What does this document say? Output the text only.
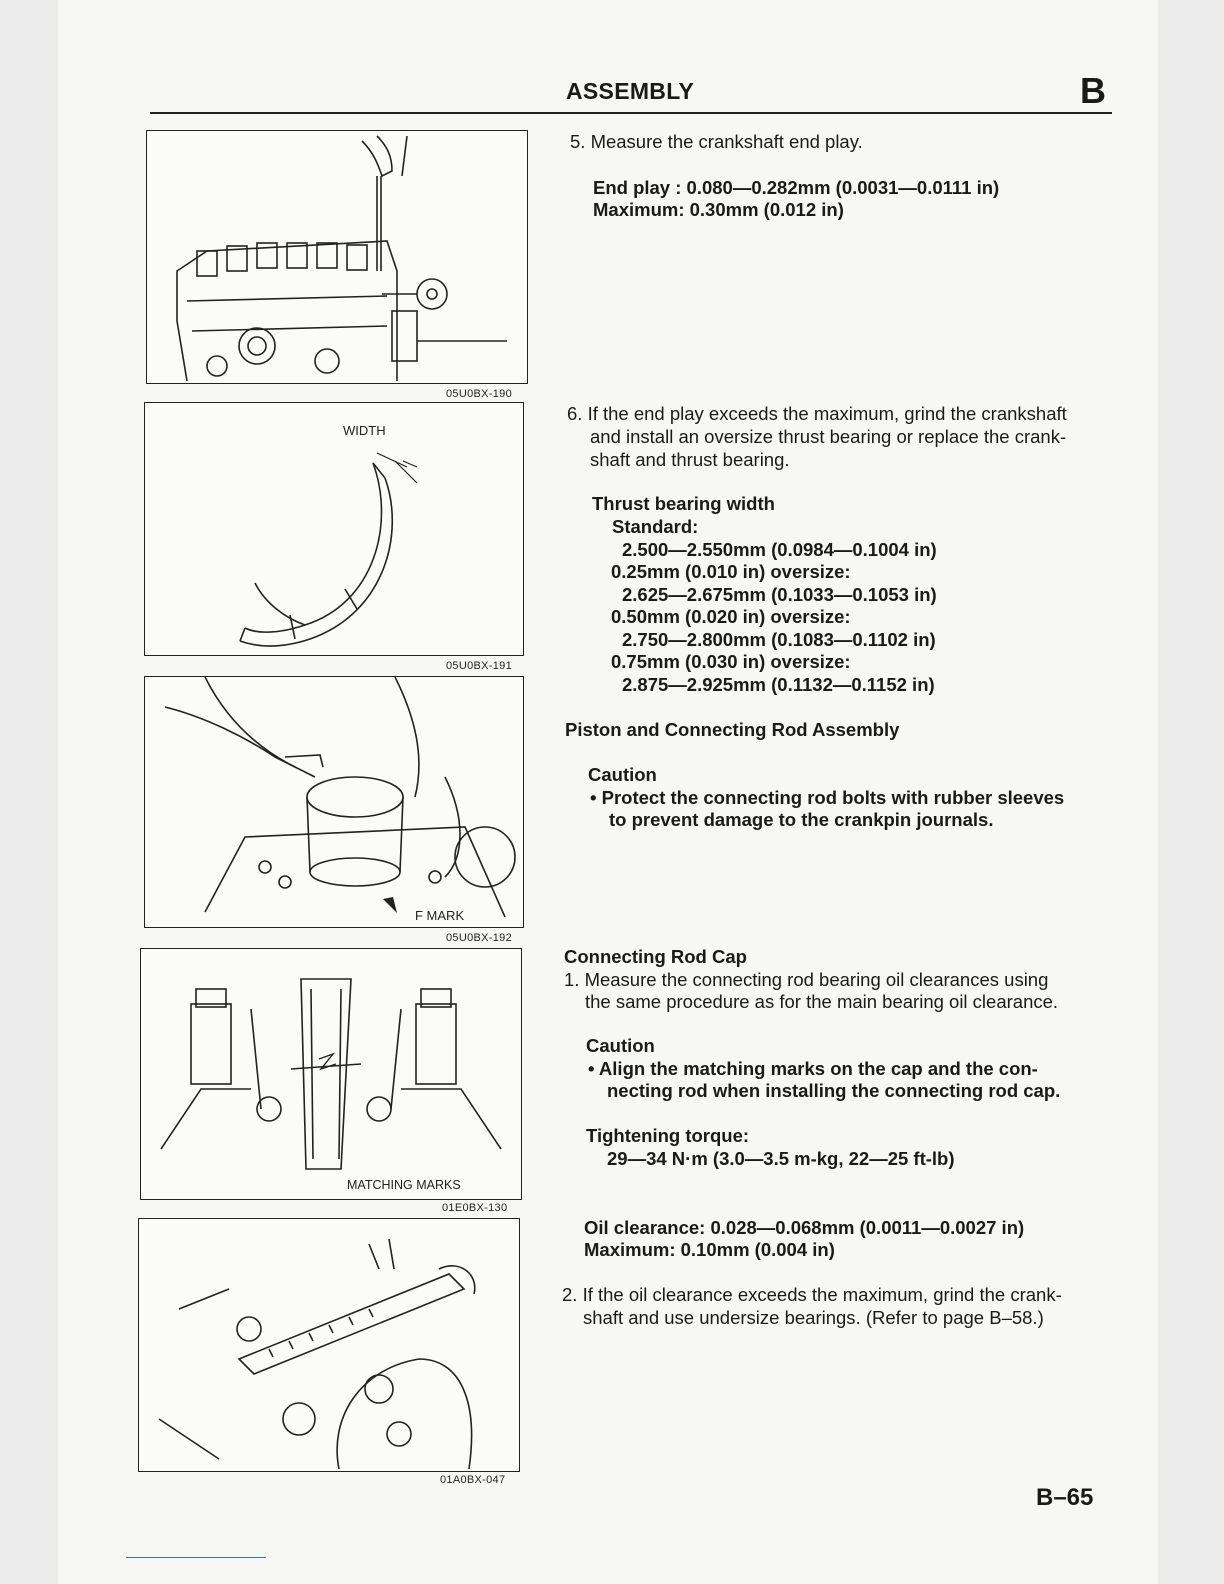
ASSEMBLY	B
05U0BX-190
WIDTH
05U0BX-191
F MARK
05U0BX-192
MATCHING MARKS
01E0BX-130
01A0BX-047
5. Measure the crankshaft end play.
End play : 0.080—0.282mm (0.0031—0.0111 in)
Maximum: 0.30mm (0.012 in)
6. If the end play exceeds the maximum, grind the crankshaft
and install an oversize thrust bearing or replace the crank-
shaft and thrust bearing.
Thrust bearing width
Standard:
2.500—2.550mm (0.0984—0.1004 in)
0.25mm (0.010 in) oversize:
2.625—2.675mm (0.1033—0.1053 in)
0.50mm (0.020 in) oversize:
2.750—2.800mm (0.1083—0.1102 in)
0.75mm (0.030 in) oversize:
2.875—2.925mm (0.1132—0.1152 in)
Piston and Connecting Rod Assembly
Caution
• Protect the connecting rod bolts with rubber sleeves
to prevent damage to the crankpin journals.
Connecting Rod Cap
1. Measure the connecting rod bearing oil clearances using
the same procedure as for the main bearing oil clearance.
Caution
• Align the matching marks on the cap and the con-
necting rod when installing the connecting rod cap.
Tightening torque:
29—34 N·m (3.0—3.5 m-kg, 22—25 ft-lb)
Oil clearance: 0.028—0.068mm (0.0011—0.0027 in)
Maximum: 0.10mm (0.004 in)
2. If the oil clearance exceeds the maximum, grind the crank-
shaft and use undersize bearings. (Refer to page B–58.)
B–65
